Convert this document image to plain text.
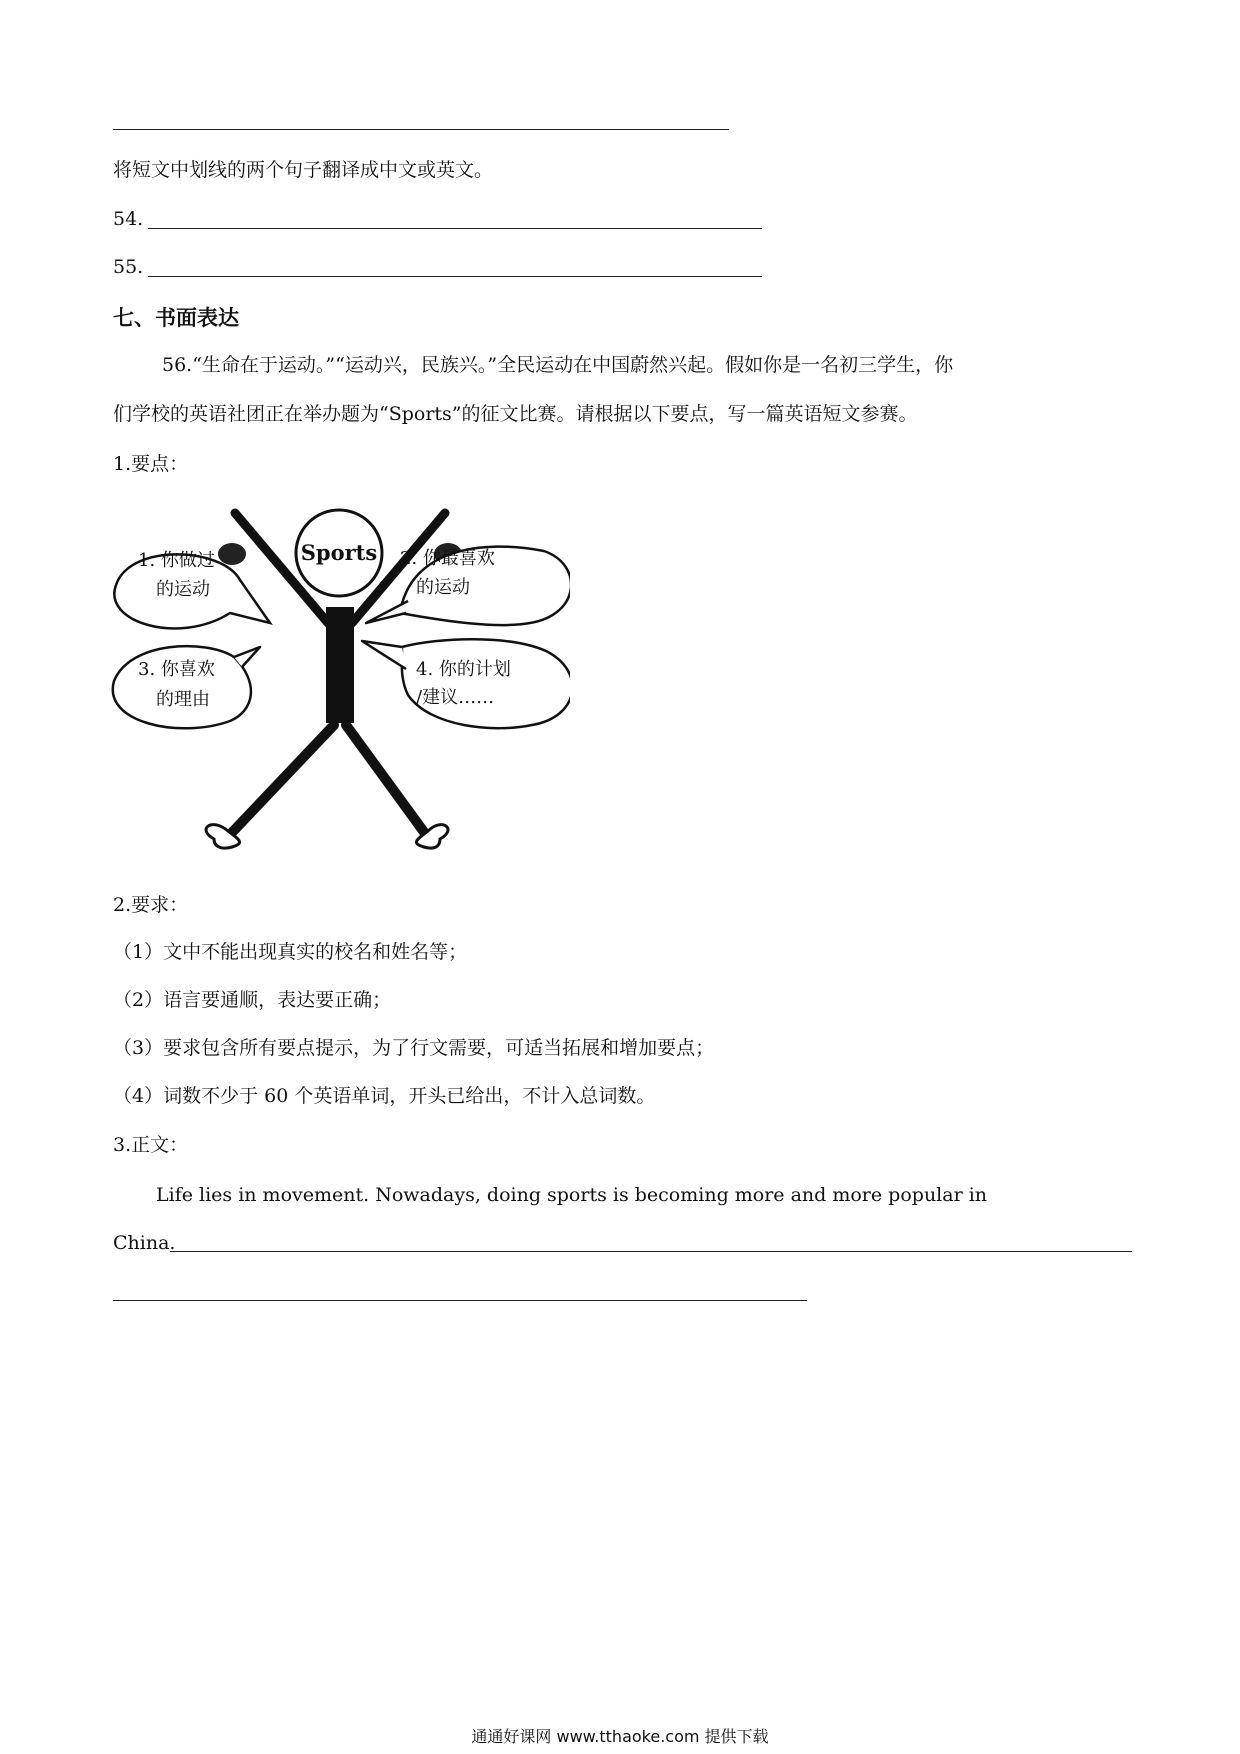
将短文中划线的两个句子翻译成中文或英文。
54.
55.
七、书面表达
56.“生命在于运动。”“运动兴，民族兴。”全民运动在中国蔚然兴起。假如你是一名初三学生，你
们学校的英语社团正在举办题为“Sports”的征文比赛。请根据以下要点，写一篇英语短文参赛。
1.要点：
Sports
1. 你做过
的运动
2. 你最喜欢
的运动
3. 你喜欢
的理由
4. 你的计划
/建议……
2.要求：
（1）文中不能出现真实的校名和姓名等；
（2）语言要通顺，表达要正确；
（3）要求包含所有要点提示，为了行文需要，可适当拓展和增加要点；
（4）词数不少于 60 个英语单词，开头已给出，不计入总词数。
3.正文：
Life lies in movement. Nowadays, doing sports is becoming more and more popular in
China.
通通好课网 www.tthaoke.com 提供下载
